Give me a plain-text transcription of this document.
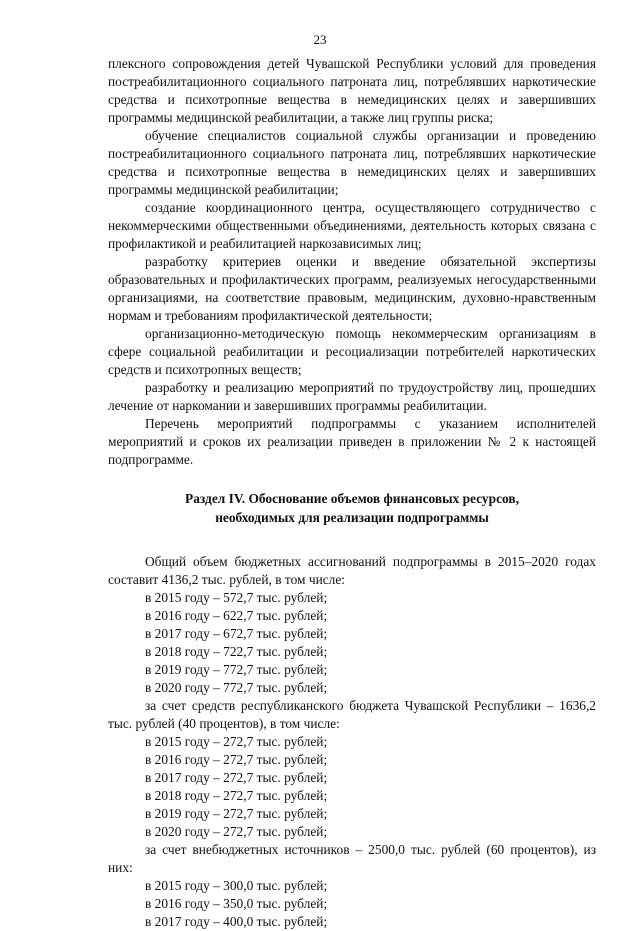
23

плексного сопровождения детей Чувашской Республики условий для проведения постреабилитационного социального патроната лиц, потреблявших наркотические средства и психотропные вещества в немедицинских целях и завершивших программы медицинской реабилитации, а также лиц группы риска;

обучение специалистов социальной службы организации и проведению постреабилитационного социального патроната лиц, потреблявших наркотические средства и психотропные вещества в немедицинских целях и завершивших программы медицинской реабилитации;

создание координационного центра, осуществляющего сотрудничество с некоммерческими общественными объединениями, деятельность которых связана с профилактикой и реабилитацией наркозависимых лиц;

разработку критериев оценки и введение обязательной экспертизы образовательных и профилактических программ, реализуемых негосударственными организациями, на соответствие правовым, медицинским, духовно-нравственным нормам и требованиям профилактической деятельности;

организационно-методическую помощь некоммерческим организациям в сфере социальной реабилитации и ресоциализации потребителей наркотических средств и психотропных веществ;

разработку и реализацию мероприятий по трудоустройству лиц, прошедших лечение от наркомании и завершивших программы реабилитации.

Перечень мероприятий подпрограммы с указанием исполнителей мероприятий и сроков их реализации приведен в приложении № 2 к настоящей подпрограмме.

Раздел IV. Обоснование объемов финансовых ресурсов,
необходимых для реализации подпрограммы

Общий объем бюджетных ассигнований подпрограммы в 2015–2020 годах составит 4136,2 тыс. рублей, в том числе:

в 2015 году – 572,7 тыс. рублей;

в 2016 году – 622,7 тыс. рублей;

в 2017 году – 672,7 тыс. рублей;

в 2018 году – 722,7 тыс. рублей;

в 2019 году – 772,7 тыс. рублей;

в 2020 году – 772,7 тыс. рублей;

за счет средств республиканского бюджета Чувашской Республики – 1636,2 тыс. рублей (40 процентов), в том числе:

в 2015 году – 272,7 тыс. рублей;

в 2016 году – 272,7 тыс. рублей;

в 2017 году – 272,7 тыс. рублей;

в 2018 году – 272,7 тыс. рублей;

в 2019 году – 272,7 тыс. рублей;

в 2020 году – 272,7 тыс. рублей;

за счет внебюджетных источников – 2500,0 тыс. рублей (60 процентов), из них:

в 2015 году – 300,0 тыс. рублей;

в 2016 году – 350,0 тыс. рублей;

в 2017 году – 400,0 тыс. рублей;
